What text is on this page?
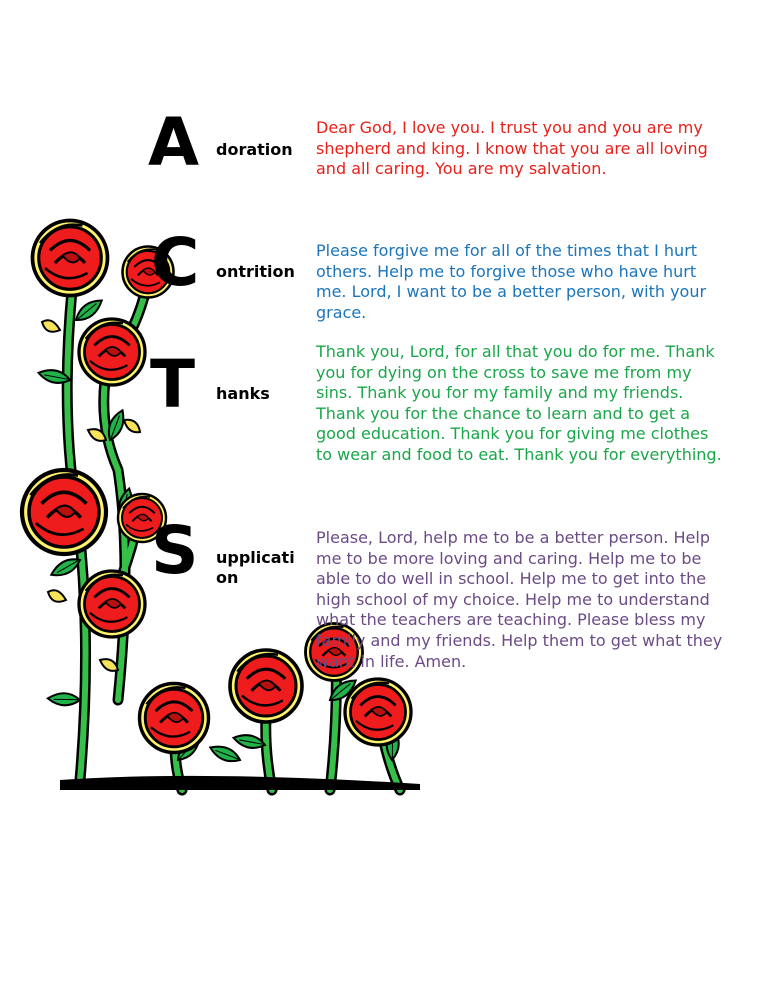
A doration
Dear God, I love you. I trust you and you are my shepherd and king. I know that you are all loving and all caring. You are my salvation.
C ontrition
Please forgive me for all of the times that I hurt others. Help me to forgive those who have hurt me. Lord, I want to be a better person, with your grace.
T hanks
Thank you, Lord, for all that you do for me. Thank you for dying on the cross to save me from my sins. Thank you for my family and my friends. Thank you for the chance to learn and to get a good education. Thank you for giving me clothes to wear and food to eat. Thank you for everything.
S upplication
Please, Lord, help me to be a better person. Help me to be more loving and caring. Help me to be able to do well in school. Help me to get into the high school of my choice. Help me to understand what the teachers are teaching. Please bless my family and my friends. Help them to get what they want in life. Amen.
